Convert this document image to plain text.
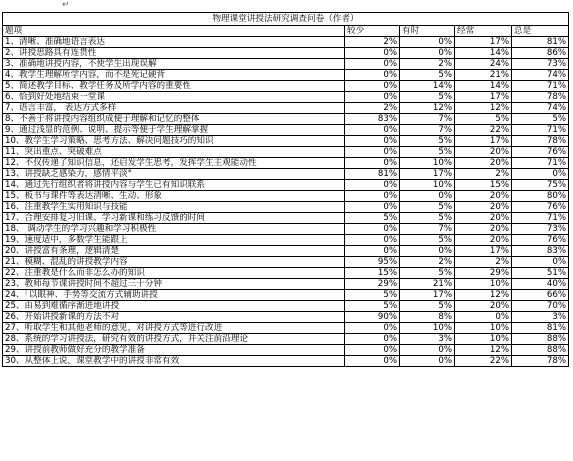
↵
物理课堂讲授法研究调查问卷（作者）				
题项	较少	有时	经常	总是
1、清晰、准确地语言表达	2%	0%	17%	81%
2、讲授思路具有连贯性	0%	0%	14%	86%
3、准确地讲授内容，不使学生出现误解	0%	2%	24%	73%
4、教学生理解所学内容，而不是死记硬背	0%	5%	21%	74%
5、简述教学目标、教学任务及所学内容的重要性	0%	14%	14%	71%
6、恰到好处地结束一堂课	0%	5%	17%	78%
7、语言丰富， 表达方式多样	2%	12%	12%	74%
8、不善于将讲授内容组织成便于理解和记忆的整体	83%	7%	5%	5%
9、通过浅显的范例、说明、提示等便于学生理解掌握	0%	7%	22%	71%
10、教学生学习策略、思考方法、解决问题技巧的知识	0%	5%	17%	78%
11、突出重点、突破难点	0%	5%	20%	76%
12、不仅传递了知识信息，还启发学生思考，发挥学生主观能动性	0%	10%	20%	71%
13、讲授缺乏感染力，感情平淡°	81%	17%	2%	0%
14、通过先行组织者将讲授内容与学生已有知识联系	0%	10%	15%	75%
15、板书与课件等表达清晰、生动、形象	0%	0%	20%	80%
16、注重教学生实用知识与技能	0%	5%	20%	76%
17、合理安排复习旧课、学习新课和练习反馈的时间	5%	5%	20%	71%
18、 调动学生的学习兴趣和学习积极性	0%	7%	20%	73%
19、速度适中，多数学生能跟上	0%	5%	20%	76%
20、讲授富有条理，逻辑清楚	0%	0%	17%	83%
21、模糊、混乱的讲授教学内容	95%	2%	2%	0%
22、注重教是什么而非怎么办的知识	15%	5%	29%	51%
23、教师每节课讲授时间不超过三十分钟	29%	21%	10%	40%
24、「以眼神、手势等交流方式辅助讲授	5%	17%	12%	66%
25、由易到难循序渐进地讲授	5%	5%	20%	70%
26、开始讲授新课的方法不对	90%	8%	0%	3%
27、听取学生和其他老师的意见，对讲授方式等进行改进	0%	10%	10%	81%
28、系统的学习讲授法，研究有效的讲授方式，并关注前沿理论	0%	3%	10%	88%
29、讲授前教师做好充分的教学准备	0%	0%	12%	88%
30、从整体上说，课堂教学中的讲授非常有效	0%	0%	22%	78%
